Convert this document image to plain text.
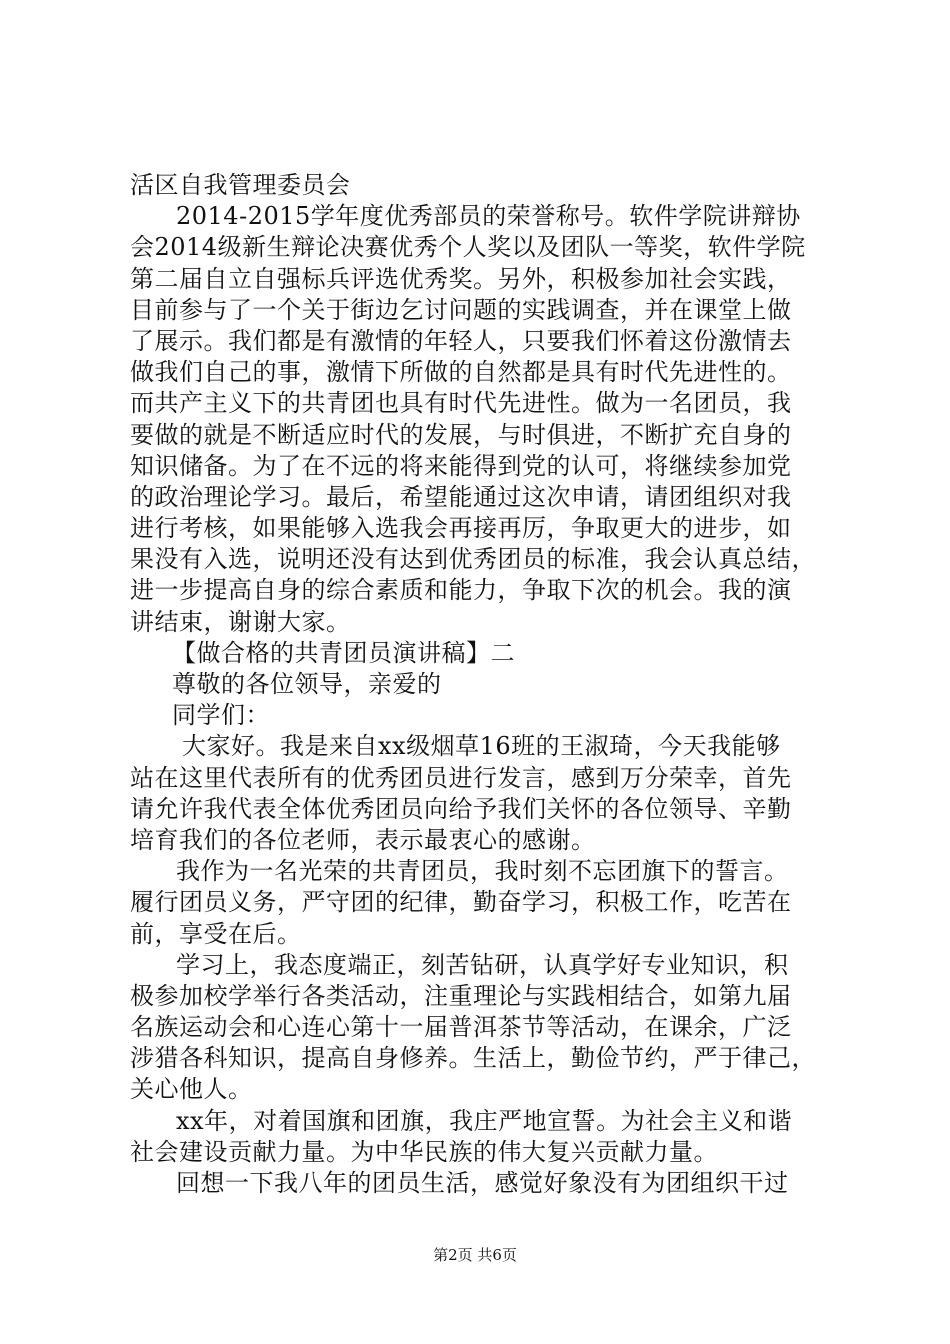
活区自我管理委员会
2014-2015学年度优秀部员的荣誉称号。软件学院讲辩协
会2014级新生辩论决赛优秀个人奖以及团队一等奖，软件学院
第二届自立自强标兵评选优秀奖。另外，积极参加社会实践，
目前参与了一个关于街边乞讨问题的实践调查，并在课堂上做
了展示。我们都是有激情的年轻人，只要我们怀着这份激情去
做我们自己的事，激情下所做的自然都是具有时代先进性的。
而共产主义下的共青团也具有时代先进性。做为一名团员，我
要做的就是不断适应时代的发展，与时俱进，不断扩充自身的
知识储备。为了在不远的将来能得到党的认可，将继续参加党
的政治理论学习。最后，希望能通过这次申请，请团组织对我
进行考核，如果能够入选我会再接再厉，争取更大的进步，如
果没有入选，说明还没有达到优秀团员的标准，我会认真总结，
进一步提高自身的综合素质和能力，争取下次的机会。我的演
讲结束，谢谢大家。
【做合格的共青团员演讲稿】二
尊敬的各位领导，亲爱的
同学们：
大家好。我是来自xx级烟草16班的王淑琦，今天我能够
站在这里代表所有的优秀团员进行发言，感到万分荣幸，首先
请允许我代表全体优秀团员向给予我们关怀的各位领导、辛勤
培育我们的各位老师，表示最衷心的感谢。
我作为一名光荣的共青团员，我时刻不忘团旗下的誓言。
履行团员义务，严守团的纪律，勤奋学习，积极工作，吃苦在
前，享受在后。
学习上，我态度端正，刻苦钻研，认真学好专业知识，积
极参加校学举行各类活动，注重理论与实践相结合，如第九届
名族运动会和心连心第十一届普洱茶节等活动，在课余，广泛
涉猎各科知识，提高自身修养。生活上，勤俭节约，严于律己，
关心他人。
xx年，对着国旗和团旗，我庄严地宣誓。为社会主义和谐
社会建设贡献力量。为中华民族的伟大复兴贡献力量。
回想一下我八年的团员生活，感觉好象没有为团组织干过
第2页 共6页
